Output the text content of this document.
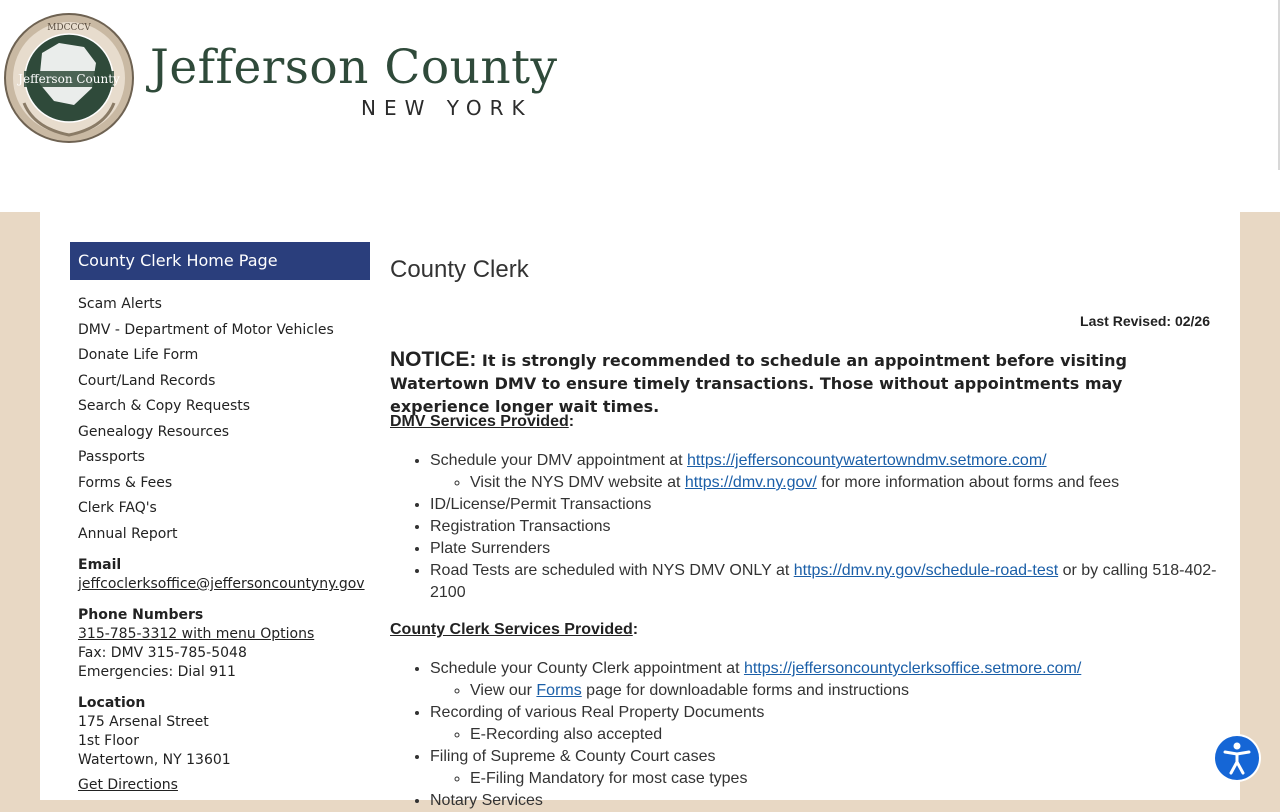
Jefferson County
MDCCCV
Jefferson County
NEW YORK
County Clerk Home Page
Scam Alerts
DMV - Department of Motor Vehicles
Donate Life Form
Court/Land Records
Search & Copy Requests
Genealogy Resources
Passports
Forms & Fees
Clerk FAQ's
Annual Report
Email
jeffcoclerksoffice@jeffersoncountyny.gov
Phone Numbers
315-785-3312 with menu Options
Fax: DMV 315-785-5048
Emergencies: Dial 911
Location
175 Arsenal Street
1st Floor
Watertown, NY 13601
Get Directions
County Clerk
Last Revised: 02/26
NOTICE: It is strongly recommended to schedule an appointment before visiting Watertown DMV to ensure timely transactions. Those without appointments may experience longer wait times.
DMV Services Provided:
• Schedule your DMV appointment at https://jeffersoncountywatertowndmv.setmore.com/
◦ Visit the NYS DMV website at https://dmv.ny.gov/ for more information about forms and fees
• ID/License/Permit Transactions
• Registration Transactions
• Plate Surrenders
• Road Tests are scheduled with NYS DMV ONLY at https://dmv.ny.gov/schedule-road-test or by calling 518-402-2100
County Clerk Services Provided:
• Schedule your County Clerk appointment at https://jeffersoncountyclerksoffice.setmore.com/
◦ View our Forms page for downloadable forms and instructions
• Recording of various Real Property Documents
◦ E-Recording also accepted
• Filing of Supreme & County Court cases
◦ E-Filing Mandatory for most case types
• Notary Services
